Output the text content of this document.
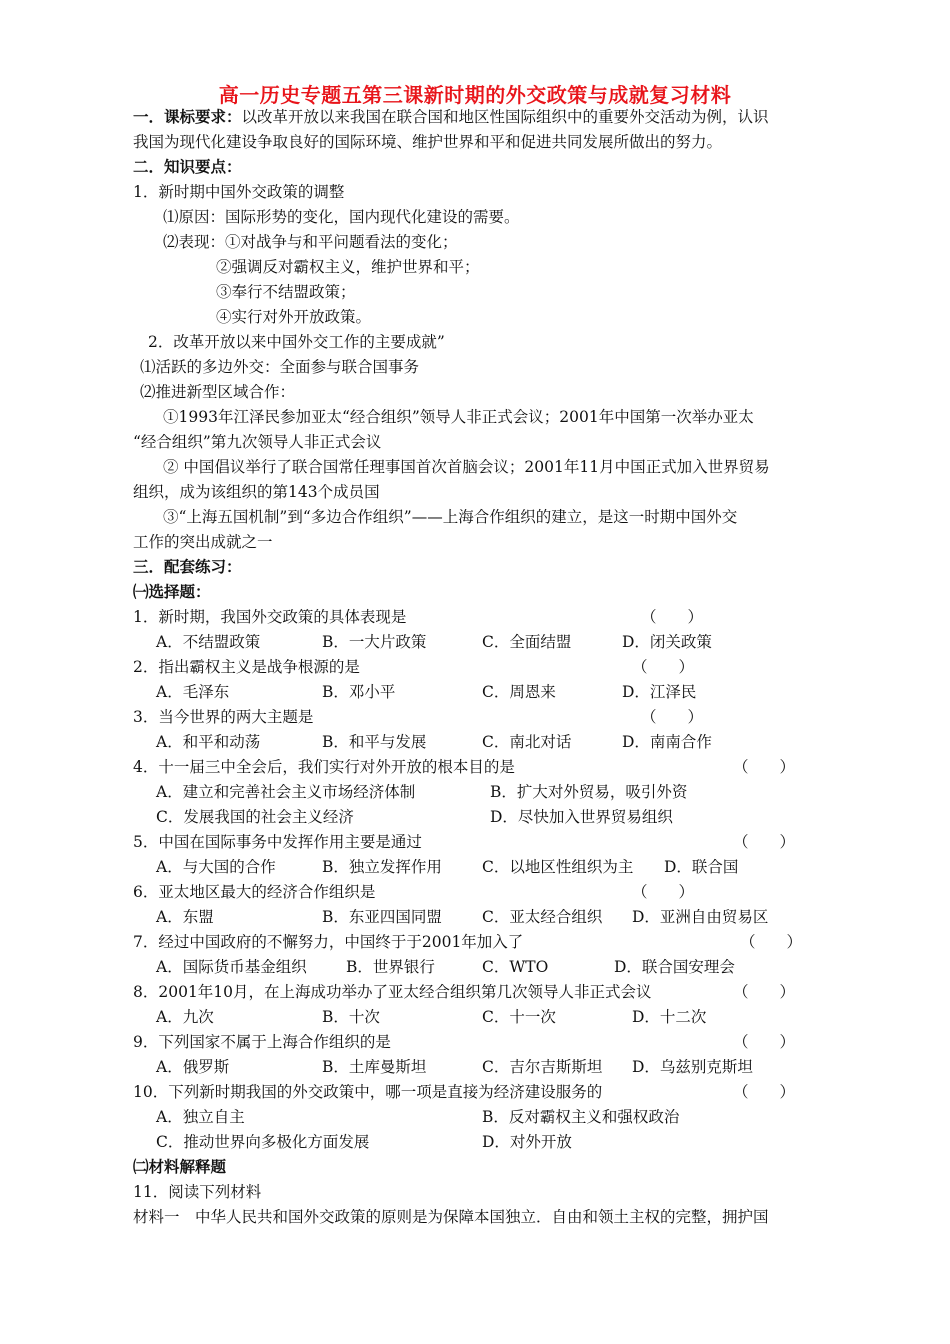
高一历史专题五第三课新时期的外交政策与成就复习材料
一．课标要求：以改革开放以来我国在联合国和地区性国际组织中的重要外交活动为例，认识
我国为现代化建设争取良好的国际环境、维护世界和平和促进共同发展所做出的努力。
二．知识要点：
1．新时期中国外交政策的调整
⑴原因：国际形势的变化，国内现代化建设的需要。
⑵表现：①对战争与和平问题看法的变化；
②强调反对霸权主义，维护世界和平；
③奉行不结盟政策；
④实行对外开放政策。
2．改革开放以来中国外交工作的主要成就”
⑴活跃的多边外交：全面参与联合国事务
⑵推进新型区域合作：
①1993年江泽民参加亚太“经合组织”领导人非正式会议；2001年中国第一次举办亚太
“经合组织”第九次领导人非正式会议
② 中国倡议举行了联合国常任理事国首次首脑会议；2001年11月中国正式加入世界贸易
组织，成为该组织的第143个成员国
③“上海五国机制”到“多边合作组织”——上海合作组织的建立，是这一时期中国外交
工作的突出成就之一
三．配套练习：
㈠选择题：
1．新时期，我国外交政策的具体表现是	（　　）
A．不结盟政策	B．一大片政策	C．全面结盟	D．闭关政策
2．指出霸权主义是战争根源的是	（　　）
A．毛泽东	B．邓小平	C．周恩来	D．江泽民
3．当今世界的两大主题是	（　　）
A．和平和动荡	B．和平与发展	C．南北对话	D．南南合作
4．十一届三中全会后，我们实行对外开放的根本目的是	（　　）
A．建立和完善社会主义市场经济体制	B．扩大对外贸易，吸引外资
C．发展我国的社会主义经济	D．尽快加入世界贸易组织
5．中国在国际事务中发挥作用主要是通过	（　　）
A．与大国的合作	B．独立发挥作用	C．以地区性组织为主 D．联合国
6．亚太地区最大的经济合作组织是	（　　）
A．东盟	B．东亚四国同盟	C．亚太经合组织 D．亚洲自由贸易区
7．经过中国政府的不懈努力，中国终于于2001年加入了	（　　）
A．国际货币基金组织	B．世界银行	C．WTO	D．联合国安理会
8．2001年10月，在上海成功举办了亚太经合组织第几次领导人非正式会议	（　　）
A．九次	B．十次	C．十一次	D．十二次
9．下列国家不属于上海合作组织的是	（　　）
A．俄罗斯	B．土库曼斯坦	C．吉尔吉斯斯坦 D．乌兹别克斯坦
10．下列新时期我国的外交政策中，哪一项是直接为经济建设服务的	（　　）
A．独立自主	B．反对霸权主义和强权政治
C．推动世界向多极化方面发展	D．对外开放
㈡材料解释题
11．阅读下列材料
材料一　中华人民共和国外交政策的原则是为保障本国独立．自由和领土主权的完整，拥护国
